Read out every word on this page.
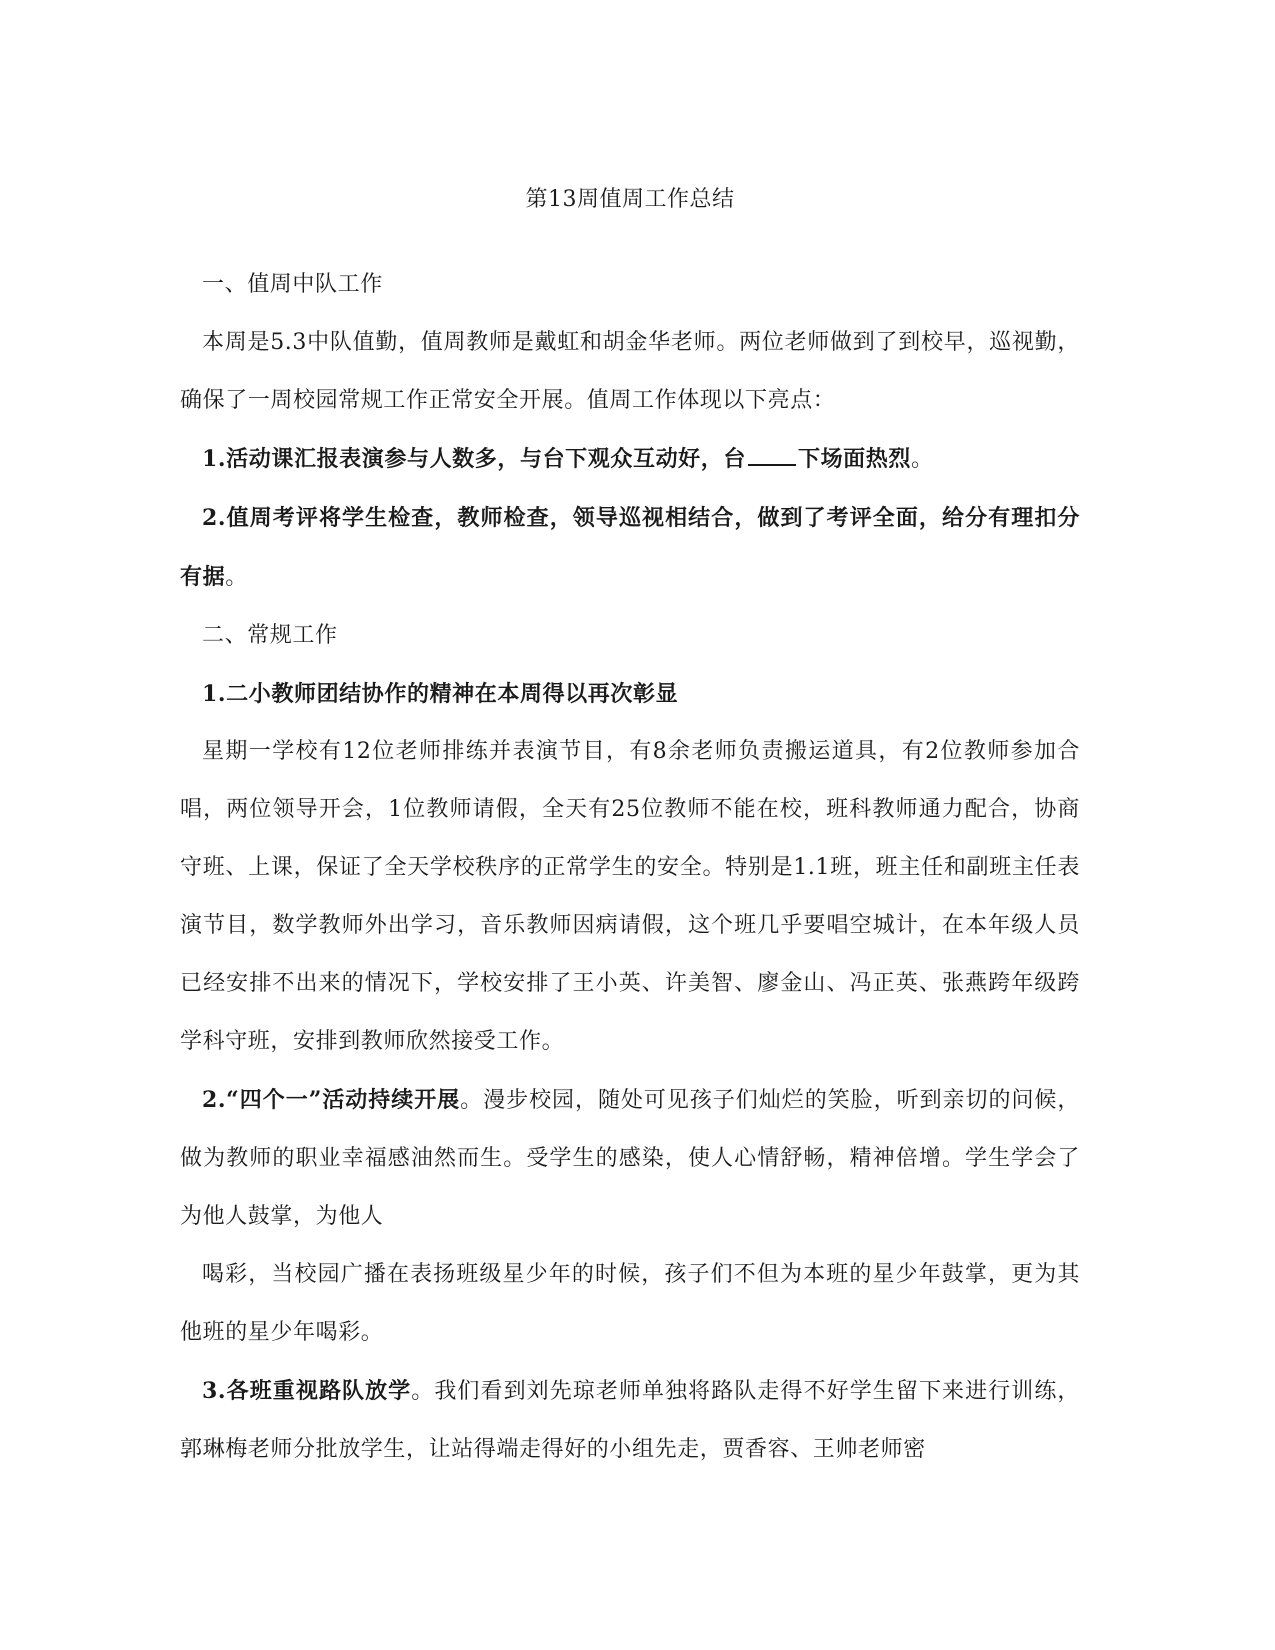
第13周值周工作总结

一、值周中队工作

本周是5.3中队值勤，值周教师是戴虹和胡金华老师。两位老师做到了到校早，巡视勤，确保了一周校园常规工作正常安全开展。值周工作体现以下亮点：

1.活动课汇报表演参与人数多，与台下观众互动好，台 下场面热烈。

2.值周考评将学生检查，教师检查，领导巡视相结合，做到了考评全面，给分有理扣分有据。

二、常规工作

1.二小教师团结协作的精神在本周得以再次彰显

星期一学校有12位老师排练并表演节目，有8余老师负责搬运道具，有2位教师参加合唱，两位领导开会，1位教师请假，全天有25位教师不能在校，班科教师通力配合，协商守班、上课，保证了全天学校秩序的正常学生的安全。特别是1.1班，班主任和副班主任表演节目，数学教师外出学习，音乐教师因病请假，这个班几乎要唱空城计，在本年级人员已经安排不出来的情况下，学校安排了王小英、许美智、廖金山、冯正英、张燕跨年级跨学科守班，安排到教师欣然接受工作。

2.“四个一”活动持续开展。漫步校园，随处可见孩子们灿烂的笑脸，听到亲切的问候，做为教师的职业幸福感油然而生。受学生的感染，使人心情舒畅，精神倍增。学生学会了为他人鼓掌，为他人

喝彩，当校园广播在表扬班级星少年的时候，孩子们不但为本班的星少年鼓掌，更为其他班的星少年喝彩。

3.各班重视路队放学。我们看到刘先琼老师单独将路队走得不好学生留下来进行训练，郭琳梅老师分批放学生，让站得端走得好的小组先走，贾香容、王帅老师密
